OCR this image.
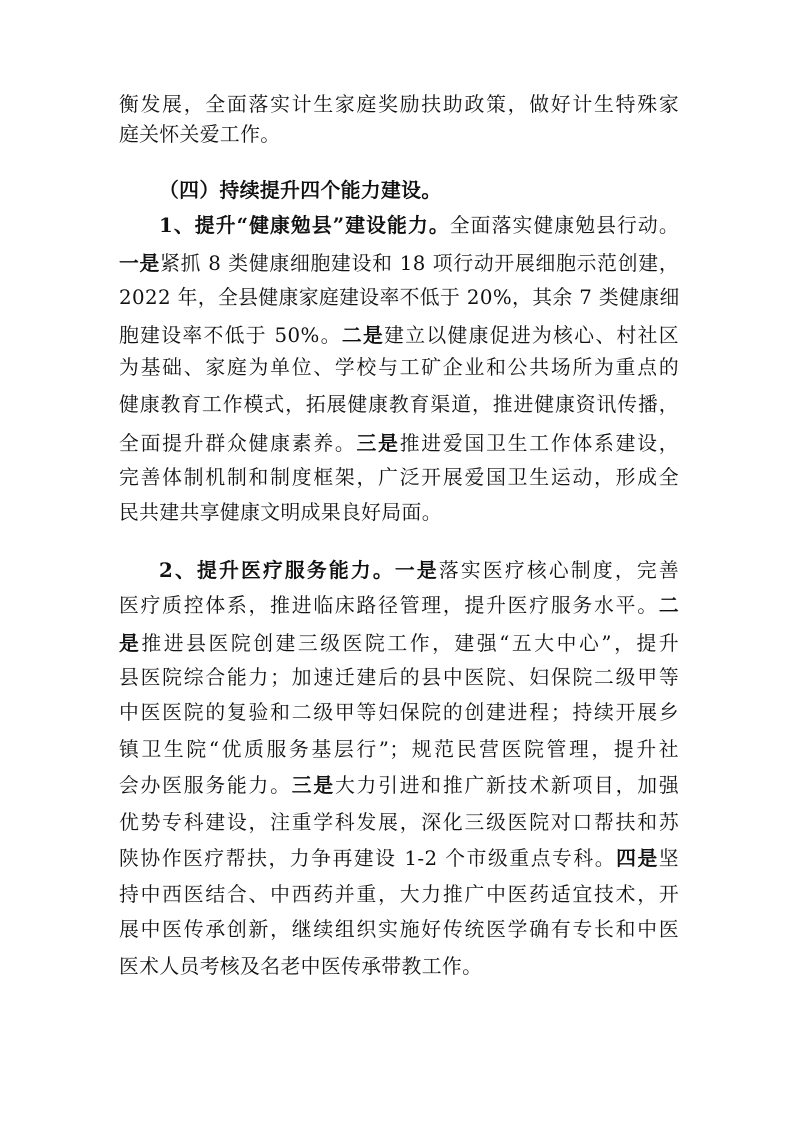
衡发展，全面落实计生家庭奖励扶助政策，做好计生特殊家
庭关怀关爱工作。
（四）持续提升四个能力建设。
1、提升“健康勉县”建设能力。全面落实健康勉县行动。
一是紧抓 8 类健康细胞建设和 18 项行动开展细胞示范创建，
2022 年，全县健康家庭建设率不低于 20%，其余 7 类健康细
胞建设率不低于 50%。二是建立以健康促进为核心、村社区
为基础、家庭为单位、学校与工矿企业和公共场所为重点的
健康教育工作模式，拓展健康教育渠道，推进健康资讯传播，
全面提升群众健康素养。三是推进爱国卫生工作体系建设，
完善体制机制和制度框架，广泛开展爱国卫生运动，形成全
民共建共享健康文明成果良好局面。
2、提升医疗服务能力。一是落实医疗核心制度，完善
医疗质控体系，推进临床路径管理，提升医疗服务水平。二
是推进县医院创建三级医院工作，建强“五大中心”，提升
县医院综合能力；加速迁建后的县中医院、妇保院二级甲等
中医医院的复验和二级甲等妇保院的创建进程；持续开展乡
镇卫生院“优质服务基层行”；规范民营医院管理，提升社
会办医服务能力。三是大力引进和推广新技术新项目，加强
优势专科建设，注重学科发展，深化三级医院对口帮扶和苏
陕协作医疗帮扶，力争再建设 1-2 个市级重点专科。四是坚
持中西医结合、中西药并重，大力推广中医药适宜技术，开
展中医传承创新，继续组织实施好传统医学确有专长和中医
医术人员考核及名老中医传承带教工作。
